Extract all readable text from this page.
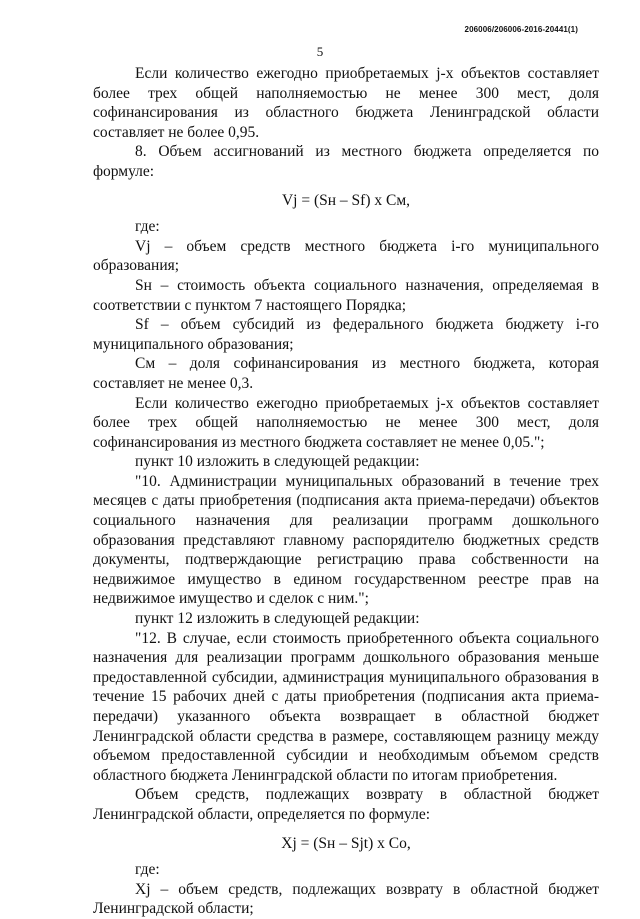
206006/206006-2016-20441(1)
5

Если количество ежегодно приобретаемых j-х объектов составляет более трех общей наполняемостью не менее 300 мест, доля софинансирования из областного бюджета Ленинградской области составляет не более 0,95.

8. Объем ассигнований из местного бюджета определяется по формуле:

Vj = (Sн – Sf) x Cм,

где:

Vj – объем средств местного бюджета i-го муниципального образования;

Sн – стоимость объекта социального назначения, определяемая в соответствии с пунктом 7 настоящего Порядка;

Sf – объем субсидий из федерального бюджета бюджету i-го муниципального образования;

Cм – доля софинансирования из местного бюджета, которая составляет не менее 0,3.

Если количество ежегодно приобретаемых j-х объектов составляет более трех общей наполняемостью не менее 300 мест, доля софинансирования из местного бюджета составляет не менее 0,05.";

пункт 10 изложить в следующей редакции:

"10. Администрации муниципальных образований в течение трех месяцев с даты приобретения (подписания акта приема-передачи) объектов социального назначения для реализации программ дошкольного образования представляют главному распорядителю бюджетных средств документы, подтверждающие регистрацию права собственности на недвижимое имущество в едином государственном реестре прав на недвижимое имущество и сделок с ним.";

пункт 12 изложить в следующей редакции:

"12. В случае, если стоимость приобретенного объекта социального назначения для реализации программ дошкольного образования меньше предоставленной субсидии, администрация муниципального образования в течение 15 рабочих дней с даты приобретения (подписания акта приема-передачи) указанного объекта возвращает в областной бюджет Ленинградской области средства в размере, составляющем разницу между объемом предоставленной субсидии и необходимым объемом средств областного бюджета Ленинградской области по итогам приобретения.

Объем средств, подлежащих возврату в областной бюджет Ленинградской области, определяется по формуле:

Xj = (Sн – Sjt) x Co,

где:

Xj – объем средств, подлежащих возврату в областной бюджет Ленинградской области;
